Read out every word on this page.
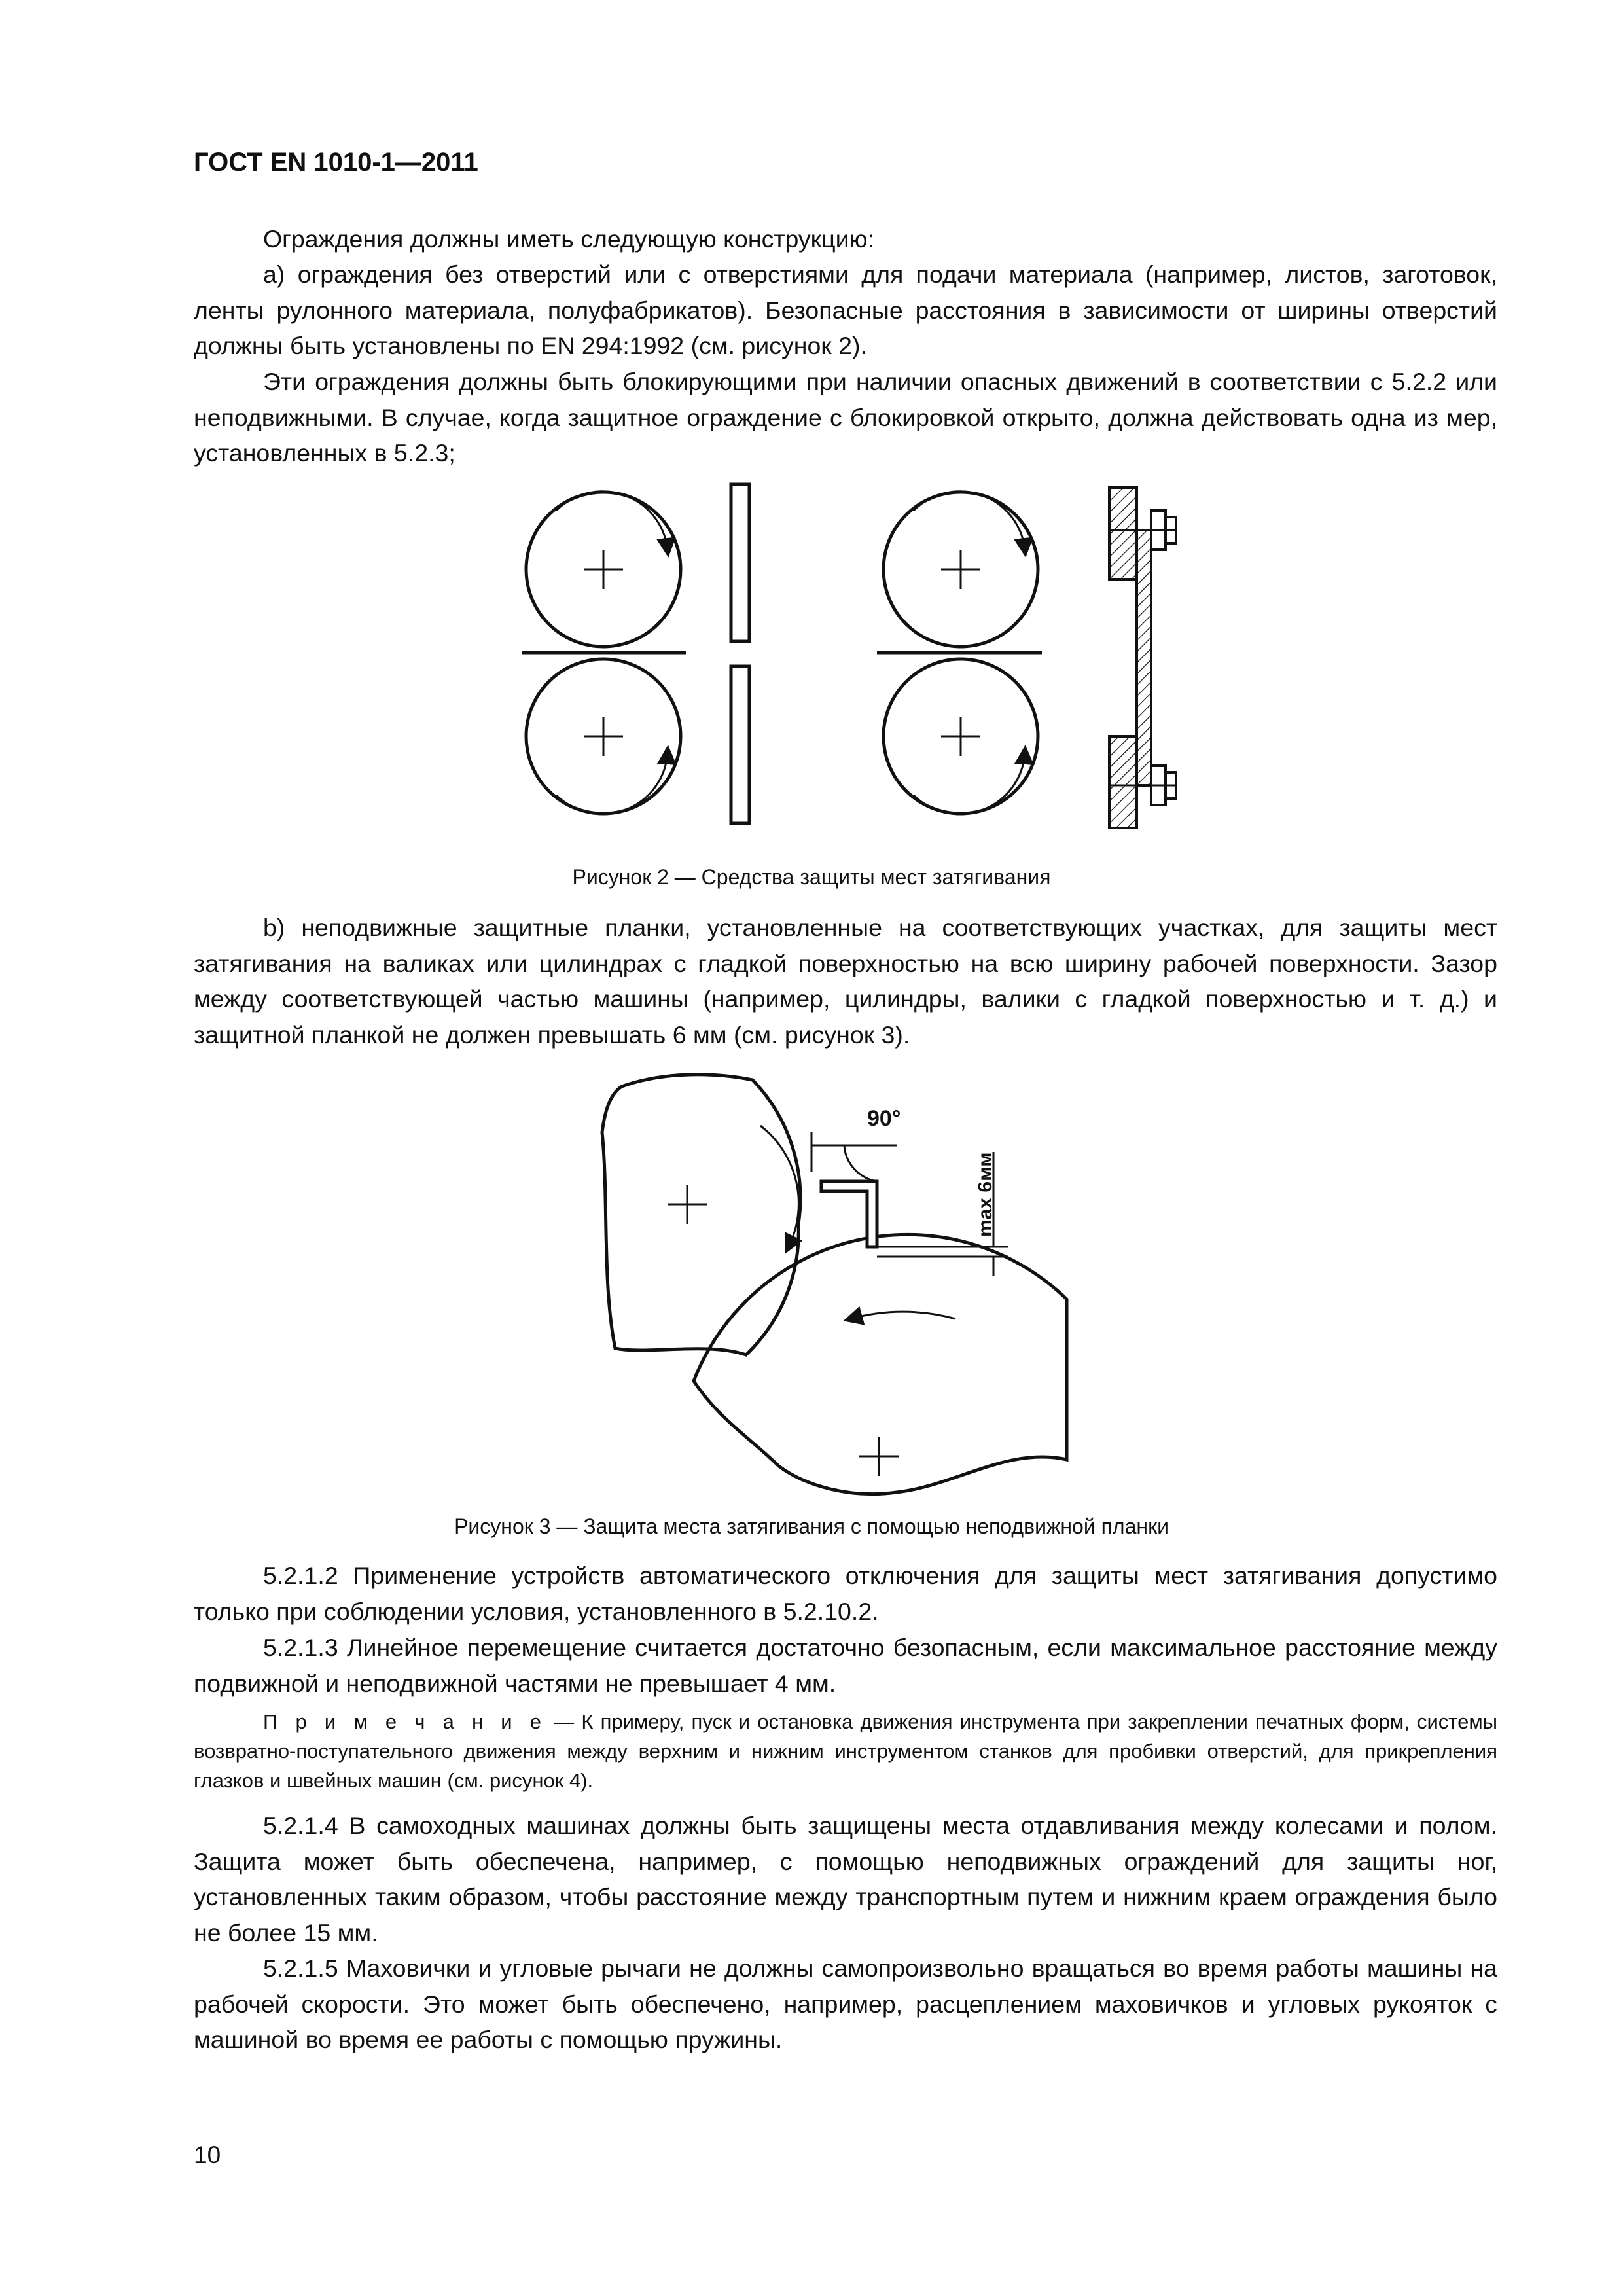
ГОСТ EN 1010-1—2011

Ограждения должны иметь следующую конструкцию:

а) ограждения без отверстий или с отверстиями для подачи материала (например, листов, заготовок, ленты рулонного материала, полуфабрикатов). Безопасные расстояния в зависимости от ширины отверстий должны быть установлены по EN 294:1992 (см. рисунок 2).

Эти ограждения должны быть блокирующими при наличии опасных движений в соответствии с 5.2.2 или неподвижными. В случае, когда защитное ограждение с блокировкой открыто, должна действовать одна из мер, установленных в 5.2.3;

Рисунок 2 — Средства защиты мест затягивания

b) неподвижные защитные планки, установленные на соответствующих участках, для защиты мест затягивания на валиках или цилиндрах с гладкой поверхностью на всю ширину рабочей поверхности. Зазор между соответствующей частью машины (например, цилиндры, валики с гладкой поверхностью и т. д.) и защитной планкой не должен превышать 6 мм (см. рисунок 3).

90°
max 6мм
Рисунок 3 — Защита места затягивания с помощью неподвижной планки

5.2.1.2 Применение устройств автоматического отключения для защиты мест затягивания допустимо только при соблюдении условия, установленного в 5.2.10.2.

5.2.1.3 Линейное перемещение считается достаточно безопасным, если максимальное расстояние между подвижной и неподвижной частями не превышает 4 мм.

П р и м е ч а н и е — К примеру, пуск и остановка движения инструмента при закреплении печатных форм, системы возвратно-поступательного движения между верхним и нижним инструментом станков для пробивки отверстий, для прикрепления глазков и швейных машин (см. рисунок 4).

5.2.1.4 В самоходных машинах должны быть защищены места отдавливания между колесами и полом. Защита может быть обеспечена, например, с помощью неподвижных ограждений для защиты ног, установленных таким образом, чтобы расстояние между транспортным путем и нижним краем ограждения было не более 15 мм.

5.2.1.5 Маховички и угловые рычаги не должны самопроизвольно вращаться во время работы машины на рабочей скорости. Это может быть обеспечено, например, расцеплением маховичков и угловых рукояток с машиной во время ее работы с помощью пружины.

10
